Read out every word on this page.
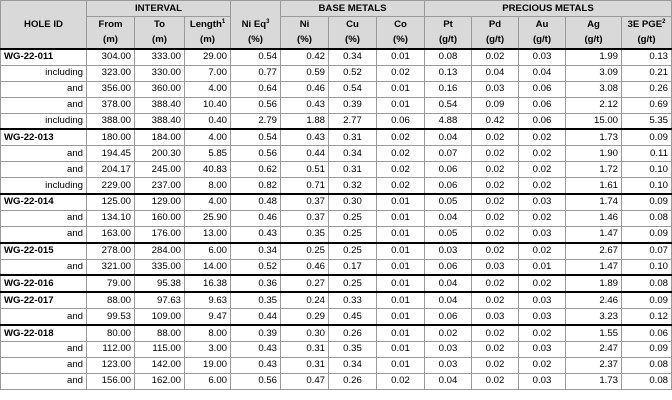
HOLE ID	INTERVAL				BASE METALS			PRECIOUS METALS				
	From	To	Length$^1$	Ni Eq$^3$	Ni	Cu	Co	Pt	Pd	Au	Ag	3E PGE$^2$
	(m)	(m)	(m)	(%)	(%)	(%)	(%)	(g/t)	(g/t)	(g/t)	(g/t)	(g/t)
WG-22-011	304.00	333.00	29.00	0.54	0.42	0.34	0.01	0.08	0.02	0.03	1.99	0.13
including	323.00	330.00	7.00	0.77	0.59	0.52	0.02	0.13	0.04	0.04	3.09	0.21
and	356.00	360.00	4.00	0.64	0.46	0.54	0.01	0.16	0.03	0.06	3.08	0.26
and	378.00	388.40	10.40	0.56	0.43	0.39	0.01	0.54	0.09	0.06	2.12	0.69
including	388.00	388.40	0.40	2.79	1.88	2.77	0.06	4.88	0.42	0.06	15.00	5.35
WG-22-013	180.00	184.00	4.00	0.54	0.43	0.31	0.02	0.04	0.02	0.02	1.73	0.09
and	194.45	200.30	5.85	0.56	0.44	0.34	0.02	0.07	0.02	0.02	1.90	0.11
and	204.17	245.00	40.83	0.62	0.51	0.31	0.02	0.06	0.02	0.02	1.72	0.10
including	229.00	237.00	8.00	0.82	0.71	0.32	0.02	0.06	0.02	0.02	1.61	0.10
WG-22-014	125.00	129.00	4.00	0.48	0.37	0.30	0.01	0.05	0.02	0.03	1.74	0.09
and	134.10	160.00	25.90	0.46	0.37	0.25	0.01	0.04	0.02	0.02	1.46	0.08
and	163.00	176.00	13.00	0.43	0.35	0.25	0.01	0.05	0.02	0.03	1.47	0.09
WG-22-015	278.00	284.00	6.00	0.34	0.25	0.25	0.01	0.03	0.02	0.02	2.67	0.07
and	321.00	335.00	14.00	0.52	0.46	0.17	0.01	0.06	0.03	0.01	1.47	0.10
WG-22-016	79.00	95.38	16.38	0.36	0.27	0.25	0.01	0.04	0.02	0.02	1.89	0.08
WG-22-017	88.00	97.63	9.63	0.35	0.24	0.33	0.01	0.04	0.02	0.03	2.46	0.09
and	99.53	109.00	9.47	0.44	0.29	0.45	0.01	0.06	0.03	0.03	3.23	0.12
WG-22-018	80.00	88.00	8.00	0.39	0.30	0.26	0.01	0.02	0.02	0.02	1.55	0.06
and	112.00	115.00	3.00	0.43	0.31	0.35	0.01	0.03	0.02	0.03	2.47	0.09
and	123.00	142.00	19.00	0.43	0.31	0.34	0.01	0.03	0.02	0.02	2.37	0.08
and	156.00	162.00	6.00	0.56	0.47	0.26	0.02	0.04	0.02	0.03	1.73	0.08
